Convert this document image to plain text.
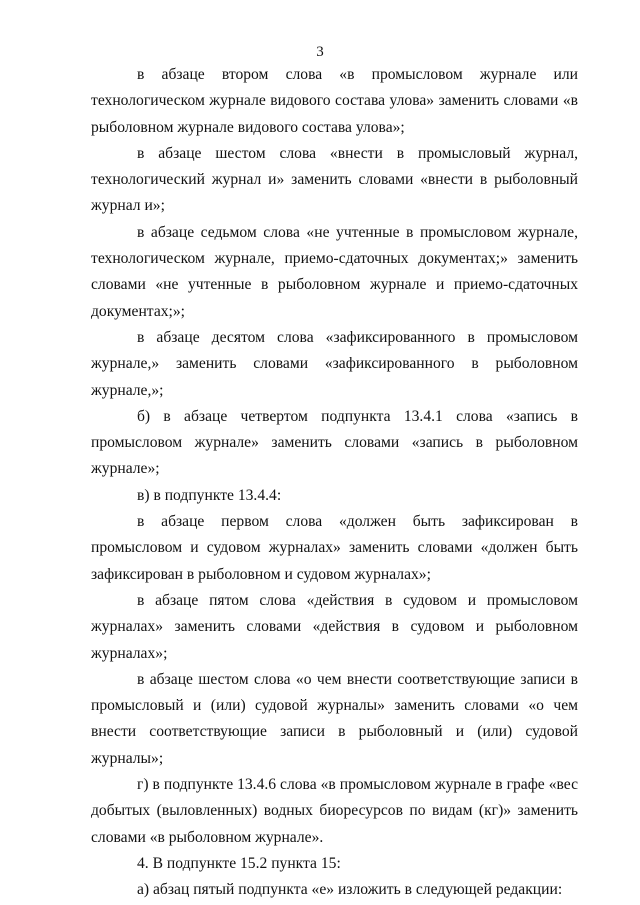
3

в абзаце втором слова «в промысловом журнале или технологическом журнале видового состава улова» заменить словами «в рыболовном журнале видового состава улова»;

в абзаце шестом слова «внести в промысловый журнал, технологический журнал и» заменить словами «внести в рыболовный журнал и»;

в абзаце седьмом слова «не учтенные в промысловом журнале, технологическом журнале, приемо-сдаточных документах;» заменить словами «не учтенные в рыболовном журнале и приемо-сдаточных документах;»;

в абзаце десятом слова «зафиксированного в промысловом журнале,» заменить словами «зафиксированного в рыболовном журнале,»;

б) в абзаце четвертом подпункта 13.4.1 слова «запись в промысловом журнале» заменить словами «запись в рыболовном журнале»;

в) в подпункте 13.4.4:

в абзаце первом слова «должен быть зафиксирован в промысловом и судовом журналах» заменить словами «должен быть зафиксирован в рыболовном и судовом журналах»;

в абзаце пятом слова «действия в судовом и промысловом журналах» заменить словами «действия в судовом и рыболовном журналах»;

в абзаце шестом слова «о чем внести соответствующие записи в промысловый и (или) судовой журналы» заменить словами «о чем внести соответствующие записи в рыболовный и (или) судовой журналы»;

г) в подпункте 13.4.6 слова «в промысловом журнале в графе «вес добытых (выловленных) водных биоресурсов по видам (кг)» заменить словами «в рыболовном журнале».

4. В подпункте 15.2 пункта 15:

а) абзац пятый подпункта «е» изложить в следующей редакции:
